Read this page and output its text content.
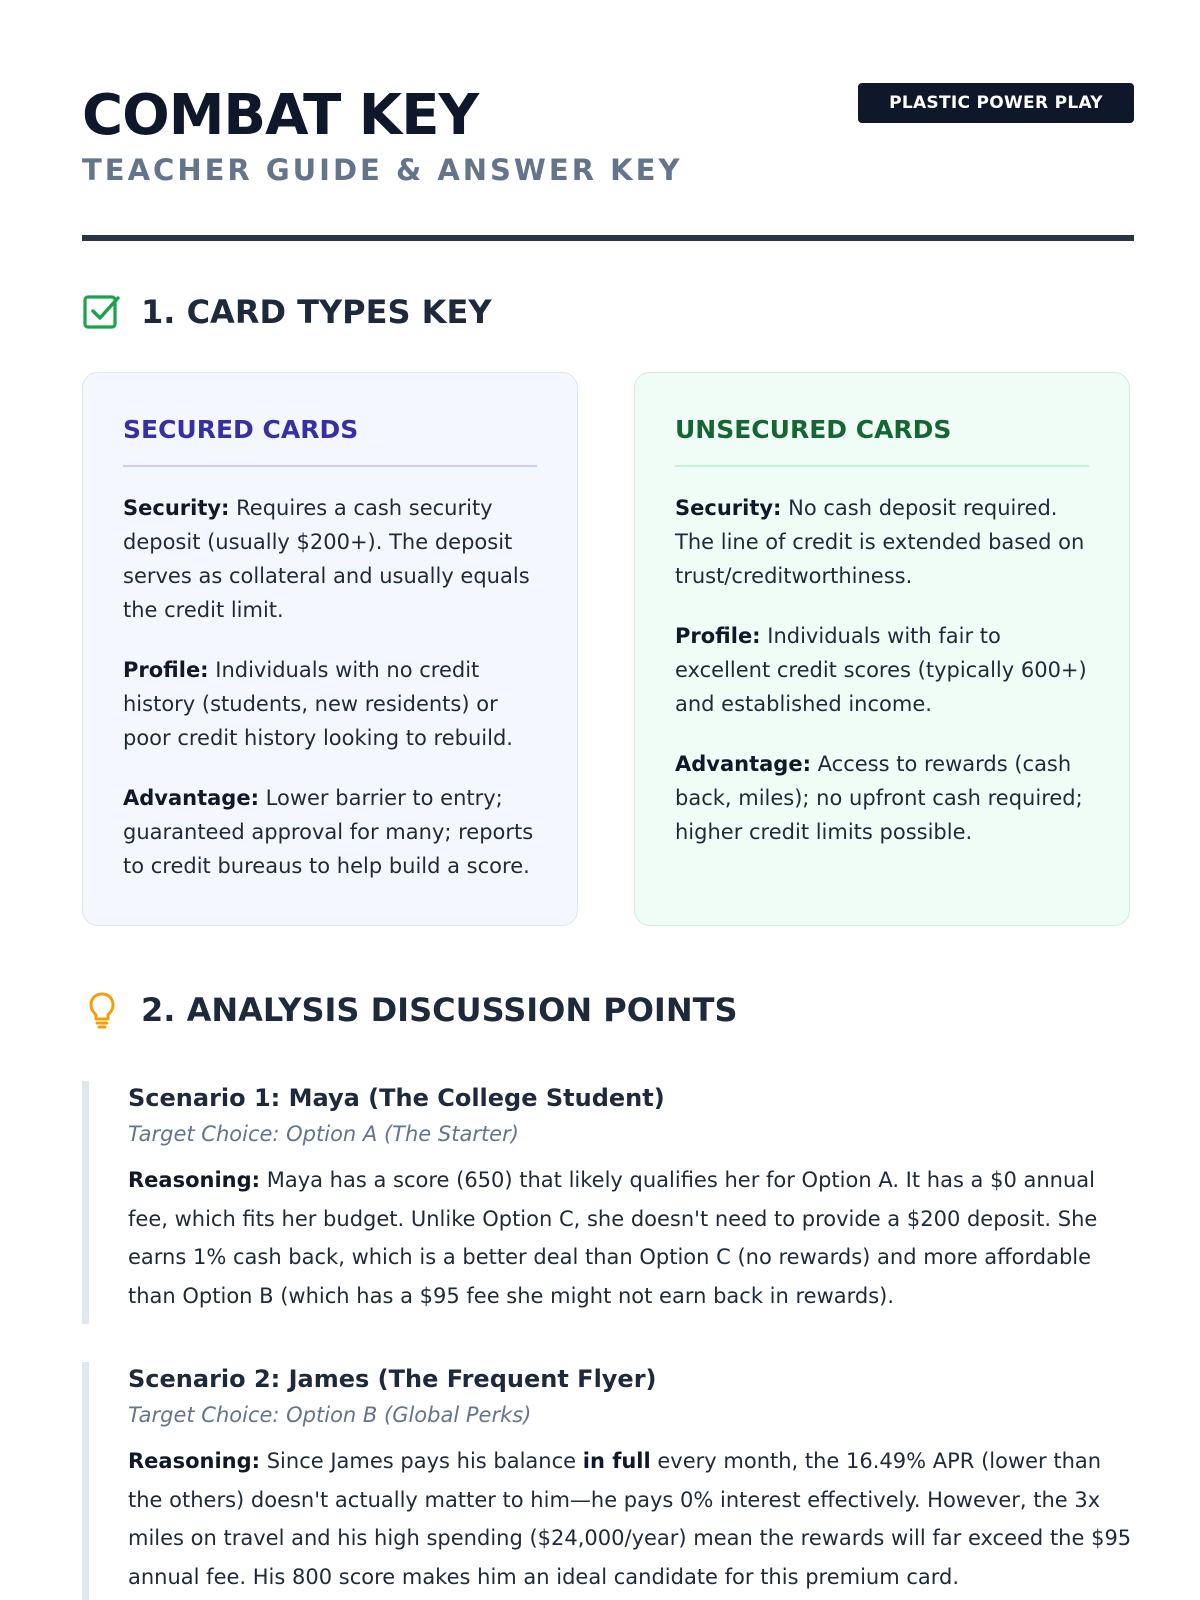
COMBAT KEY
TEACHER GUIDE & ANSWER KEY
PLASTIC POWER PLAY
1. CARD TYPES KEY
SECURED CARDS

Security: Requires a cash security deposit (usually $200+). The deposit serves as collateral and usually equals the credit limit.

Profile: Individuals with no credit history (students, new residents) or poor credit history looking to rebuild.

Advantage: Lower barrier to entry; guaranteed approval for many; reports to credit bureaus to help build a score.

UNSECURED CARDS

Security: No cash deposit required. The line of credit is extended based on trust/creditworthiness.

Profile: Individuals with fair to excellent credit scores (typically 600+) and established income.

Advantage: Access to rewards (cash back, miles); no upfront cash required; higher credit limits possible.

2. ANALYSIS DISCUSSION POINTS
Scenario 1: Maya (The College Student)
Target Choice: Option A (The Starter)

Reasoning: Maya has a score (650) that likely qualifies her for Option A. It has a $0 annual fee, which fits her budget. Unlike Option C, she doesn't need to provide a $200 deposit. She earns 1% cash back, which is a better deal than Option C (no rewards) and more affordable than Option B (which has a $95 fee she might not earn back in rewards).

Scenario 2: James (The Frequent Flyer)
Target Choice: Option B (Global Perks)

Reasoning: Since James pays his balance in full every month, the 16.49% APR (lower than the others) doesn't actually matter to him—he pays 0% interest effectively. However, the 3x miles on travel and his high spending ($24,000/year) mean the rewards will far exceed the $95 annual fee. His 800 score makes him an ideal candidate for this premium card.
